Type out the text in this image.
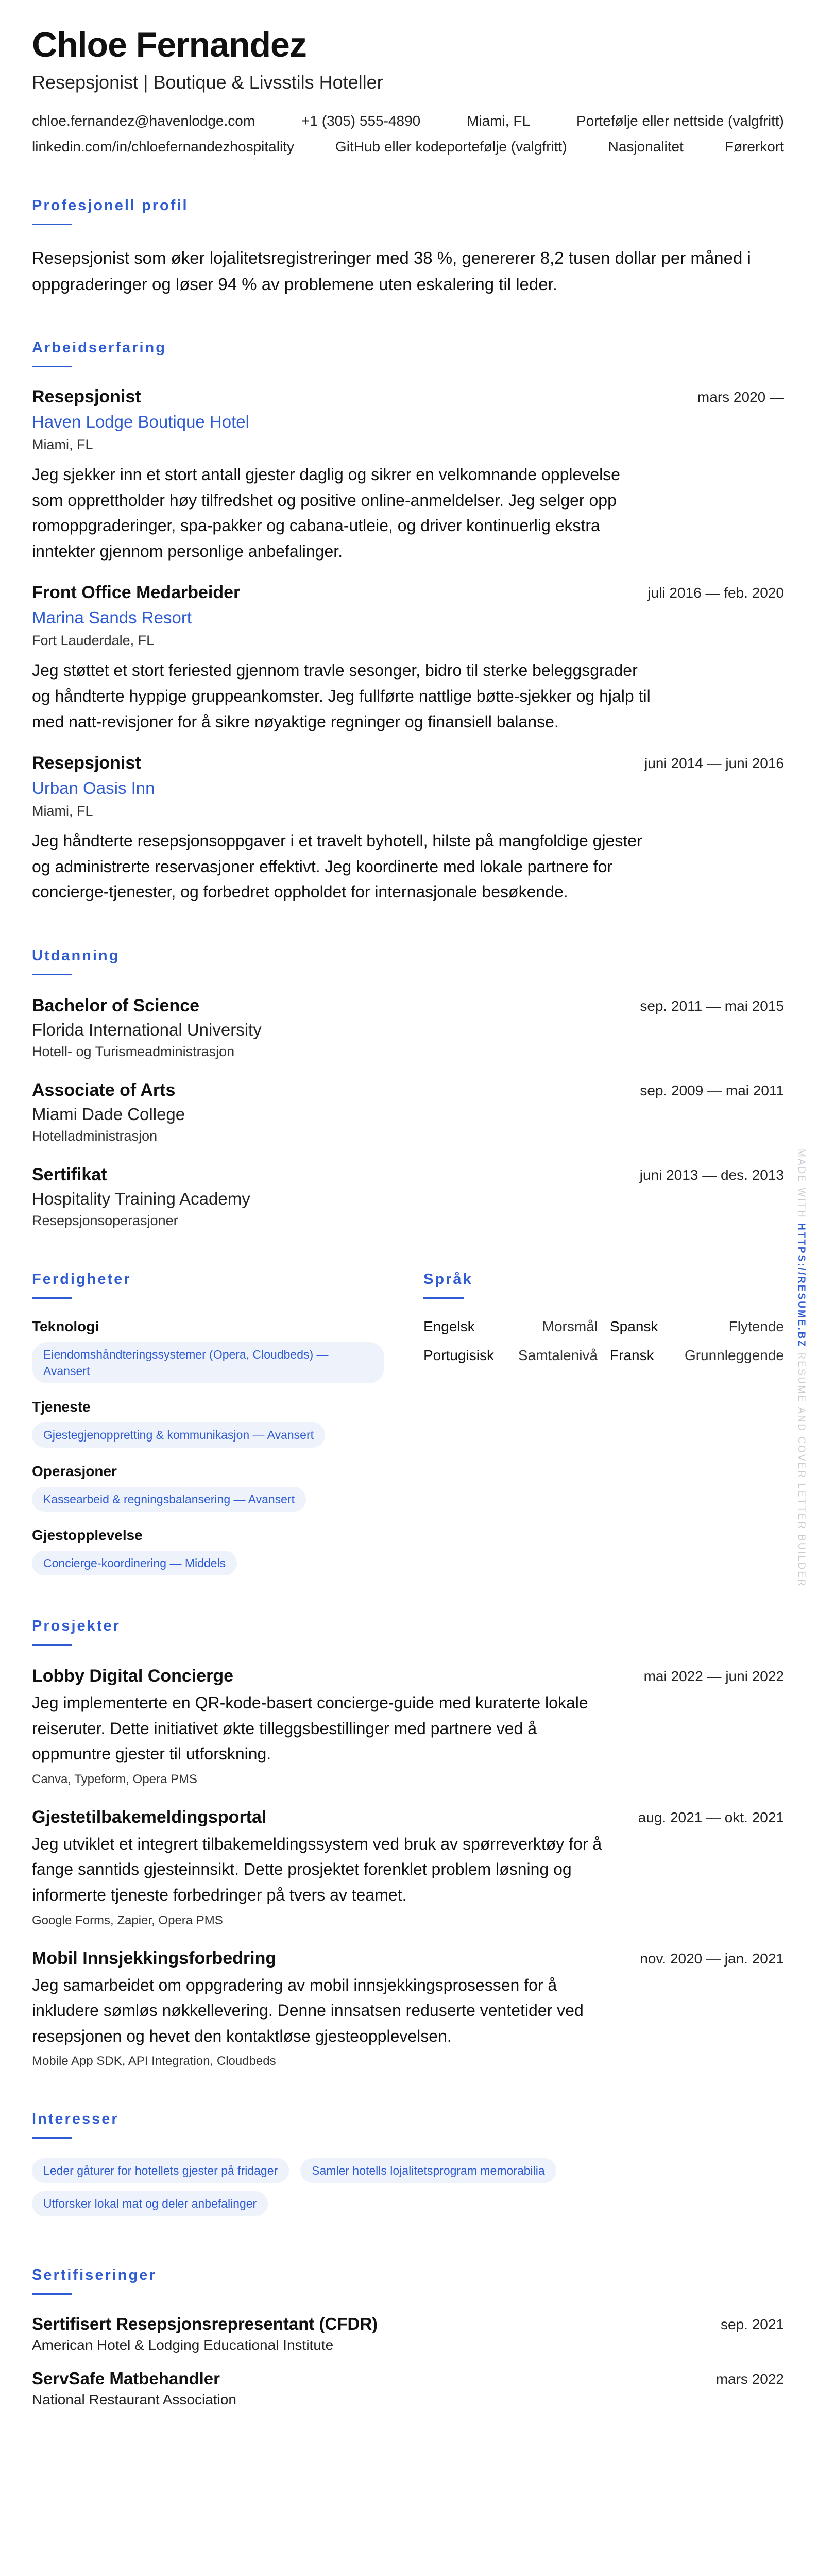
Chloe Fernandez
Resepsjonist | Boutique & Livsstils Hoteller
chloe.fernandez@havenlodge.com	+1 (305) 555-4890	Miami, FL	Portefølje eller nettside (valgfritt)
linkedin.com/in/chloefernandezhospitality	GitHub eller kodeportefølje (valgfritt)	Nasjonalitet	Førerkort
Profesjonell profil
Resepsjonist som øker lojalitetsregistreringer med 38 %, genererer 8,2 tusen dollar per måned i oppgraderinger og løser 94 % av problemene uten eskalering til leder.
Arbeidserfaring
Resepsjonist	mars 2020 —
Haven Lodge Boutique Hotel
Miami, FL
Jeg sjekker inn et stort antall gjester daglig og sikrer en velkomnande opplevelse som opprettholder høy tilfredshet og positive online-anmeldelser. Jeg selger opp romoppgraderinger, spa-pakker og cabana-utleie, og driver kontinuerlig ekstra inntekter gjennom personlige anbefalinger.
Front Office Medarbeider	juli 2016 — feb. 2020
Marina Sands Resort
Fort Lauderdale, FL
Jeg støttet et stort feriested gjennom travle sesonger, bidro til sterke beleggsgrader og håndterte hyppige gruppeankomster. Jeg fullførte nattlige bøtte-sjekker og hjalp til med natt-revisjoner for å sikre nøyaktige regninger og finansiell balanse.
Resepsjonist	juni 2014 — juni 2016
Urban Oasis Inn
Miami, FL
Jeg håndterte resepsjonsoppgaver i et travelt byhotell, hilste på mangfoldige gjester og administrerte reservasjoner effektivt. Jeg koordinerte med lokale partnere for concierge-tjenester, og forbedret oppholdet for internasjonale besøkende.
Utdanning
Bachelor of Science	sep. 2011 — mai 2015
Florida International University
Hotell- og Turismeadministrasjon
Associate of Arts	sep. 2009 — mai 2011
Miami Dade College
Hotelladministrasjon
Sertifikat	juni 2013 — des. 2013
Hospitality Training Academy
Resepsjonsoperasjoner
Ferdigheter
Teknologi
Eiendomshåndteringssystemer (Opera, Cloudbeds) — Avansert
Tjeneste
Gjestegjenoppretting & kommunikasjon — Avansert
Operasjoner
Kassearbeid & regningsbalansering — Avansert
Gjestopplevelse
Concierge-koordinering — Middels
Språk
Engelsk	Morsmål Spansk	Flytende
Portugisisk Samtalenivå Fransk Grunnleggende
Prosjekter
Lobby Digital Concierge	mai 2022 — juni 2022
Jeg implementerte en QR-kode-basert concierge-guide med kuraterte lokale reiseruter. Dette initiativet økte tilleggsbestillinger med partnere ved å oppmuntre gjester til utforskning.
Canva, Typeform, Opera PMS
Gjestetilbakemeldingsportal	aug. 2021 — okt. 2021
Jeg utviklet et integrert tilbakemeldingssystem ved bruk av spørreverktøy for å fange sanntids gjesteinnsikt. Dette prosjektet forenklet problem løsning og informerte tjeneste forbedringer på tvers av teamet.
Google Forms, Zapier, Opera PMS
Mobil Innsjekkingsforbedring	nov. 2020 — jan. 2021
Jeg samarbeidet om oppgradering av mobil innsjekkingsprosessen for å inkludere sømløs nøkkellevering. Denne innsatsen reduserte ventetider ved resepsjonen og hevet den kontaktløse gjesteopplevelsen.
Mobile App SDK, API Integration, Cloudbeds
Interesser
Leder gåturer for hotellets gjester på fridager	Samler hotells lojalitetsprogram memorabilia
Utforsker lokal mat og deler anbefalinger
Sertifiseringer
Sertifisert Resepsjonsrepresentant (CFDR)	sep. 2021
American Hotel & Lodging Educational Institute
ServSafe Matbehandler	mars 2022
National Restaurant Association
MADE WITH HTTPS://RESUME.BZ RESUME AND COVER LETTER BUILDER
